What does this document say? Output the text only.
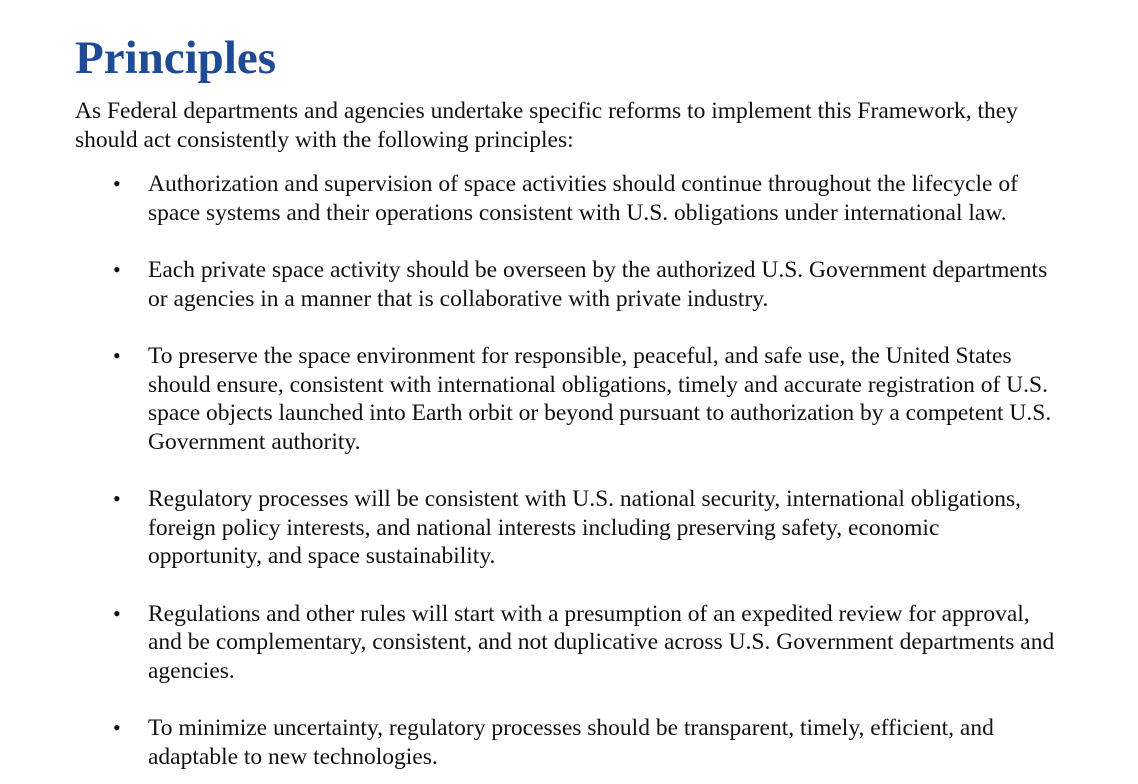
Principles

As Federal departments and agencies undertake specific reforms to implement this Framework, they should act consistently with the following principles:

• Authorization and supervision of space activities should continue throughout the lifecycle of space systems and their operations consistent with U.S. obligations under international law.
• Each private space activity should be overseen by the authorized U.S. Government departments or agencies in a manner that is collaborative with private industry.
• To preserve the space environment for responsible, peaceful, and safe use, the United States should ensure, consistent with international obligations, timely and accurate registration of U.S. space objects launched into Earth orbit or beyond pursuant to authorization by a competent U.S. Government authority.
• Regulatory processes will be consistent with U.S. national security, international obligations, foreign policy interests, and national interests including preserving safety, economic opportunity, and space sustainability.
• Regulations and other rules will start with a presumption of an expedited review for approval, and be complementary, consistent, and not duplicative across U.S. Government departments and agencies.
• To minimize uncertainty, regulatory processes should be transparent, timely, efficient, and adaptable to new technologies.
